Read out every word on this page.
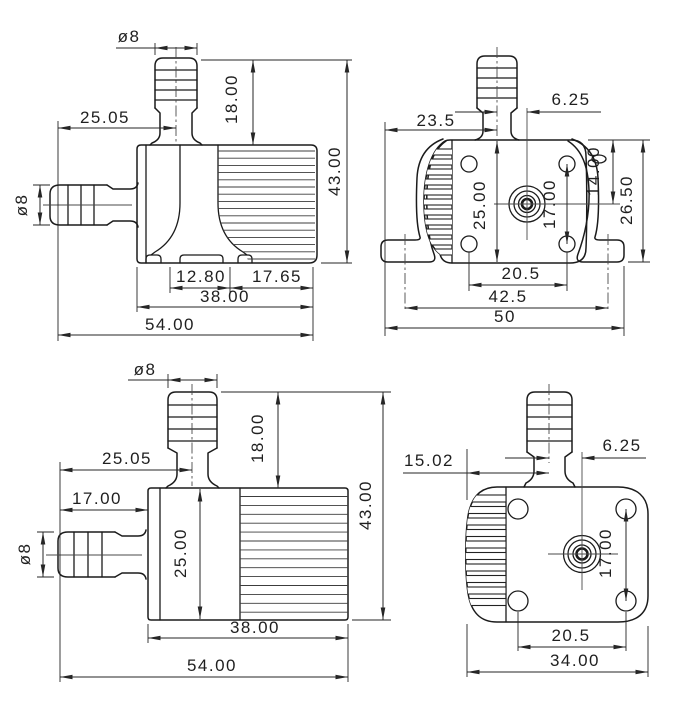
ø8
25.05	18.00
43.00
ø8
12.80 17.65
38.00
54.00
23.5
6.25
25.00	17.00
14.00
26.50
20.5
42.5
50
ø8
25.05	18.00
17.00
ø8	25.00
43.00
38.00
54.00
15.02
6.25
17.00
20.5
34.00
